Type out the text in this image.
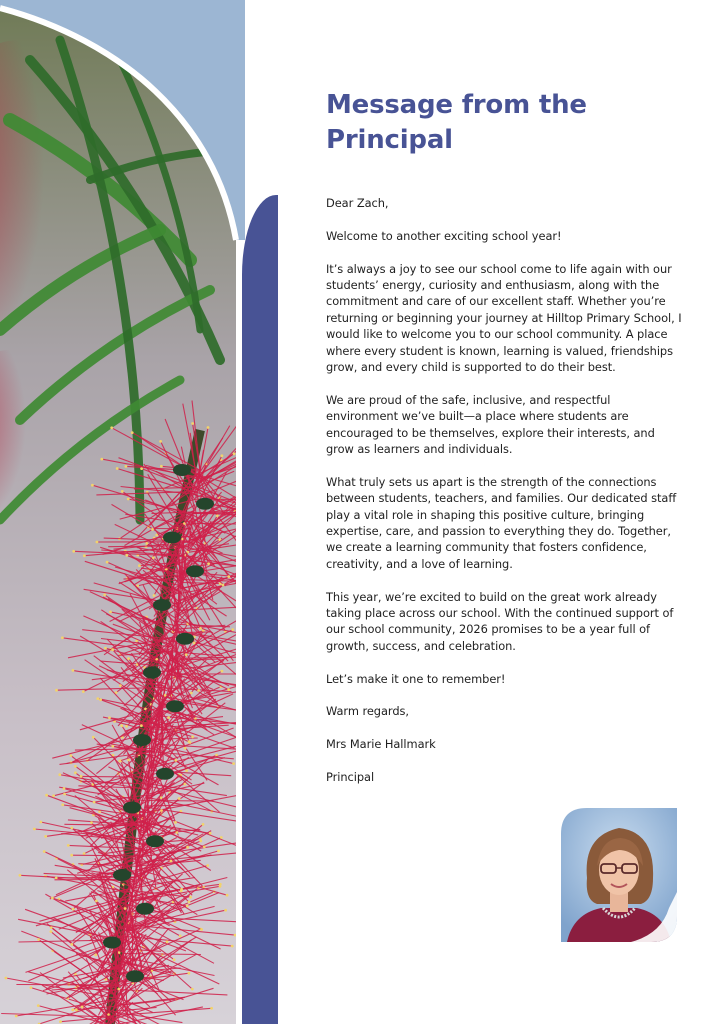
Message from the
Principal

Dear Zach,

Welcome to another exciting school year!

It’s always a joy to see our school come to life again with our students’ energy, curiosity and enthusiasm, along with the commitment and care of our excellent staff. Whether you’re returning or beginning your journey at Hilltop Primary School, I would like to welcome you to our school community. A place where every student is known, learning is valued, friendships grow, and every child is supported to do their best.

We are proud of the safe, inclusive, and respectful environment we’ve built—a place where students are encouraged to be themselves, explore their interests, and grow as learners and individuals.

What truly sets us apart is the strength of the connections between students, teachers, and families. Our dedicated staff play a vital role in shaping this positive culture, bringing expertise, care, and passion to everything they do. Together, we create a learning community that fosters confidence, creativity, and a love of learning.

This year, we’re excited to build on the great work already taking place across our school. With the continued support of our school community, 2026 promises to be a year full of growth, success, and celebration.

Let’s make it one to remember!

Warm regards,

Mrs Marie Hallmark

Principal
